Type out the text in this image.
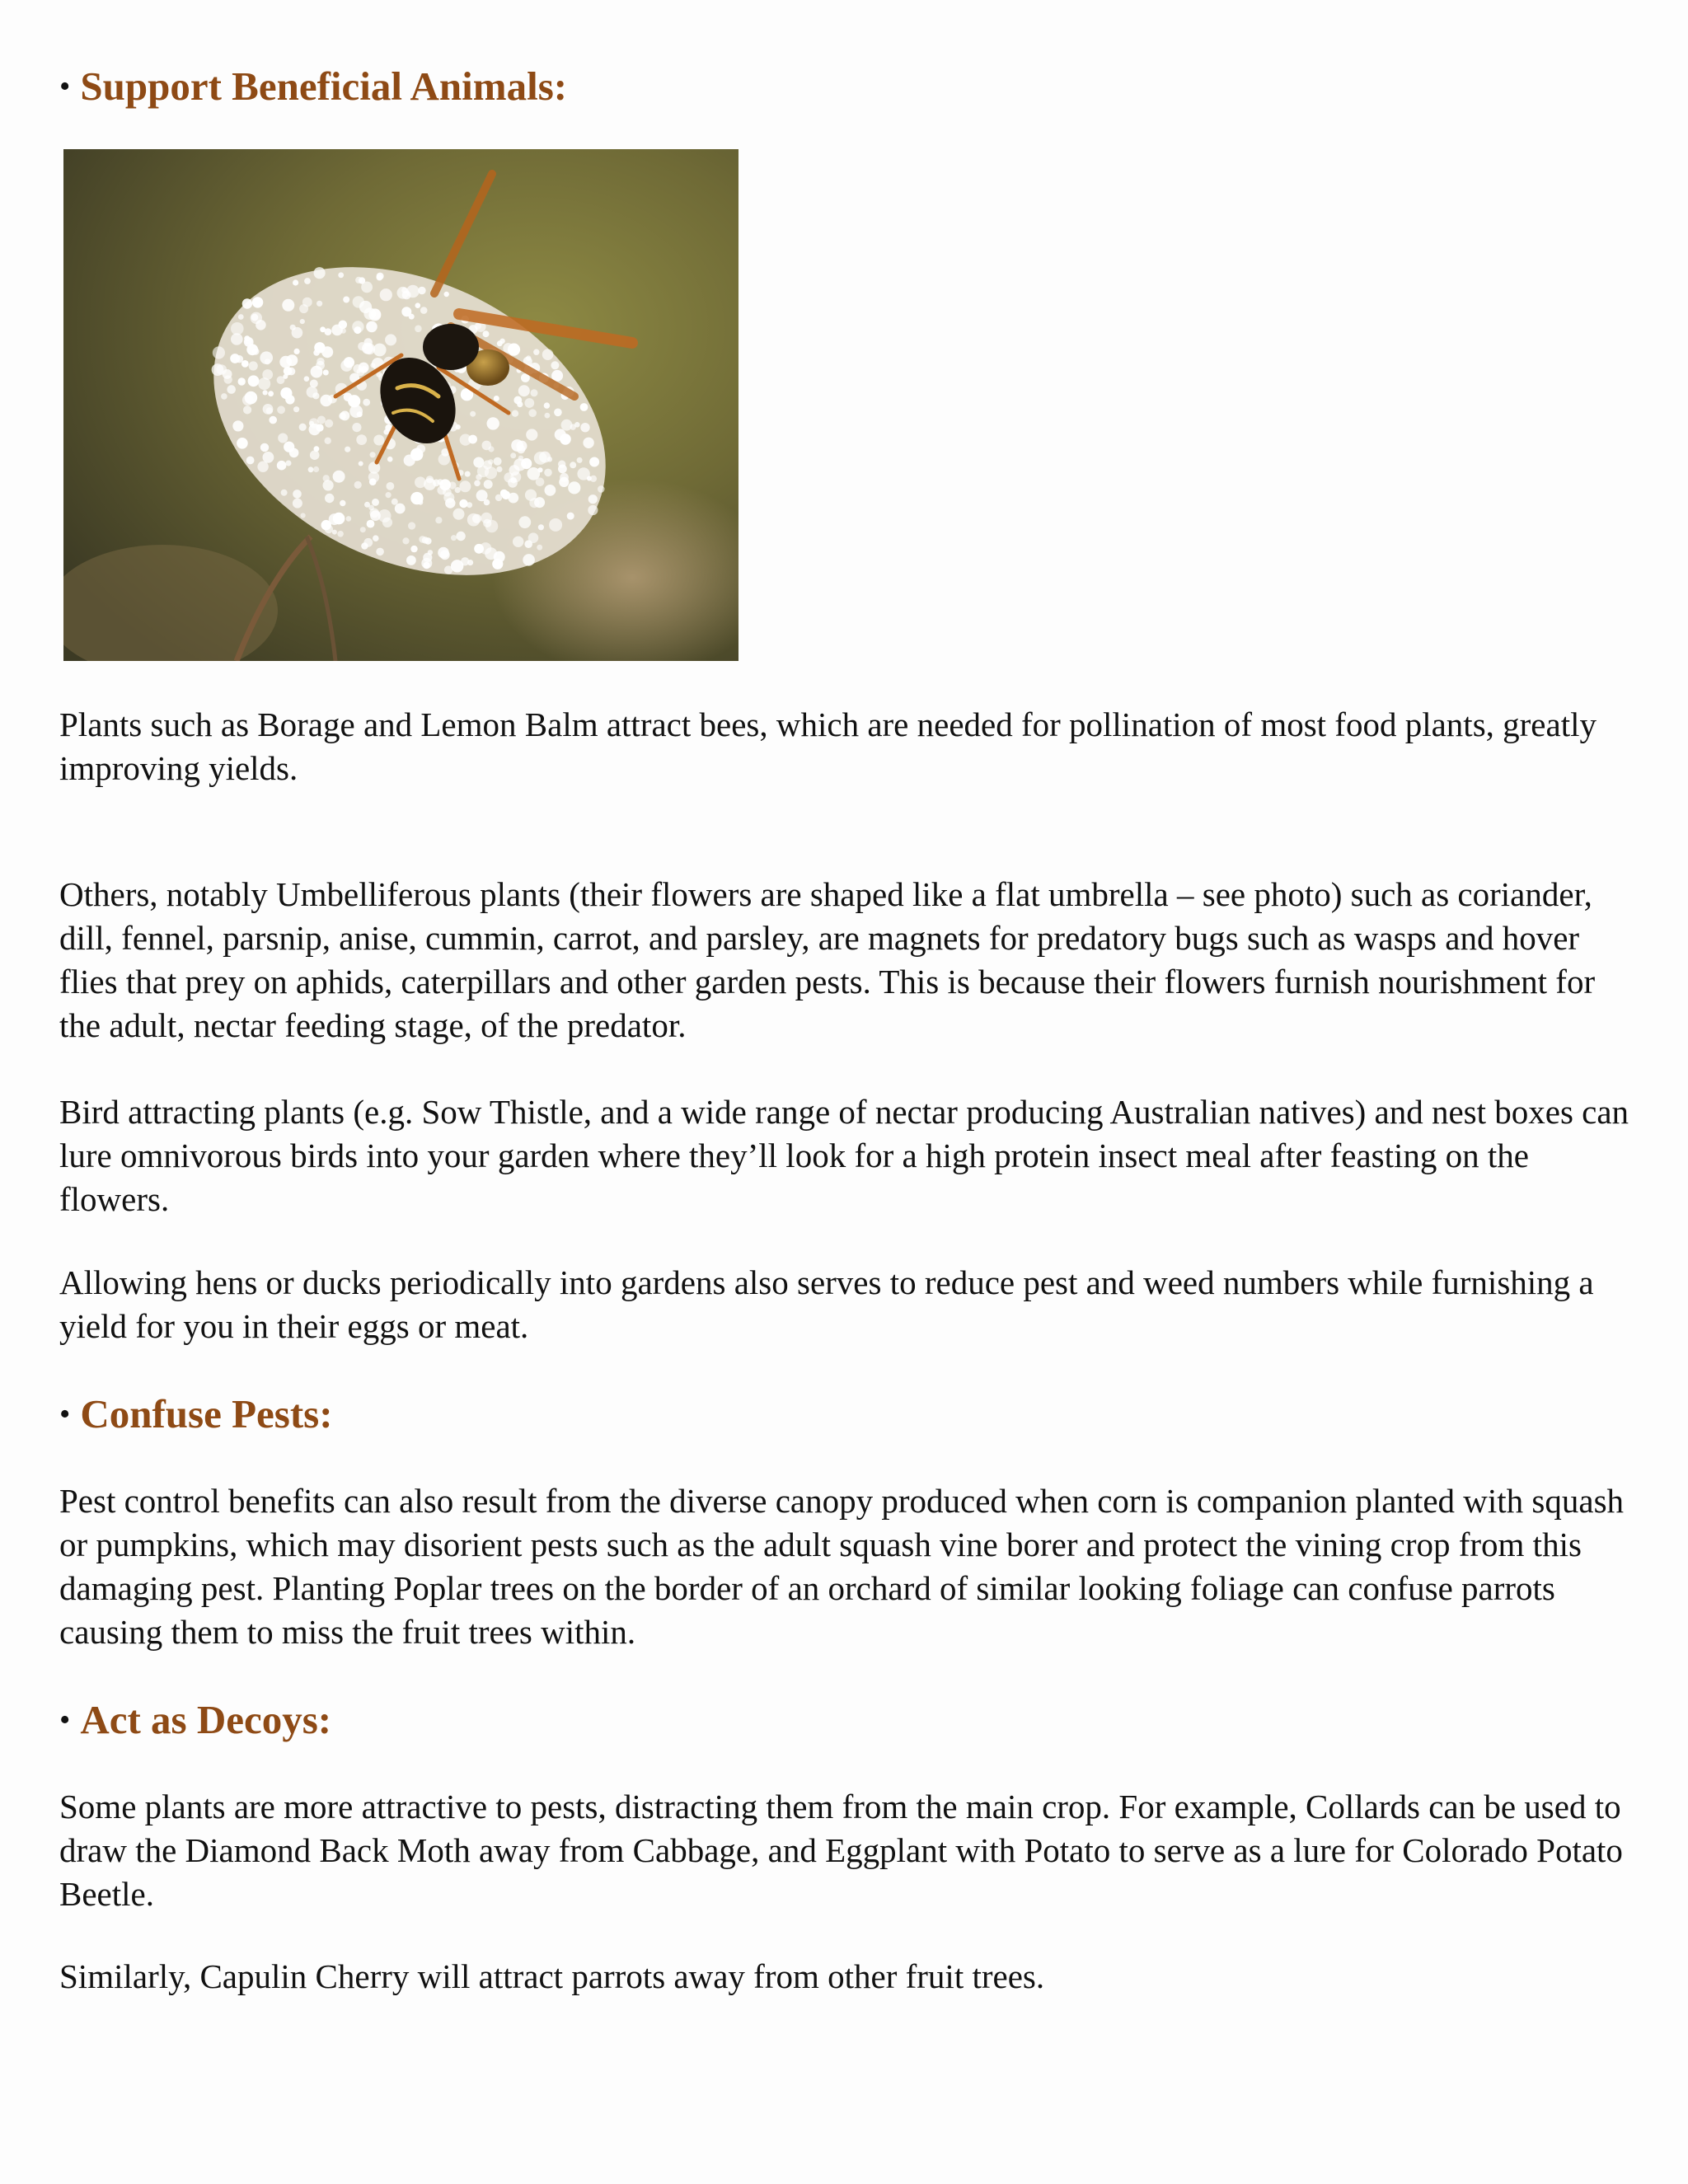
• Support Beneficial Animals:

Plants such as Borage and Lemon Balm attract bees, which are needed for pollination of most food plants, greatly improving yields.

Others, notably Umbelliferous plants (their flowers are shaped like a flat umbrella – see photo) such as coriander, dill, fennel, parsnip, anise, cummin, carrot, and parsley, are magnets for predatory bugs such as wasps and hover flies that prey on aphids, caterpillars and other garden pests. This is because their flowers furnish nourishment for the adult, nectar feeding stage, of the predator.

Bird attracting plants (e.g. Sow Thistle, and a wide range of nectar producing Australian natives) and nest boxes can lure omnivorous birds into your garden where they’ll look for a high protein insect meal after feasting on the flowers.

Allowing hens or ducks periodically into gardens also serves to reduce pest and weed numbers while furnishing a yield for you in their eggs or meat.

• Confuse Pests:

Pest control benefits can also result from the diverse canopy produced when corn is companion planted with squash or pumpkins, which may disorient pests such as the adult squash vine borer and protect the vining crop from this damaging pest. Planting Poplar trees on the border of an orchard of similar looking foliage can confuse parrots causing them to miss the fruit trees within.

• Act as Decoys:

Some plants are more attractive to pests, distracting them from the main crop. For example, Collards can be used to draw the Diamond Back Moth away from Cabbage, and Eggplant with Potato to serve as a lure for Colorado Potato Beetle.

Similarly, Capulin Cherry will attract parrots away from other fruit trees.
